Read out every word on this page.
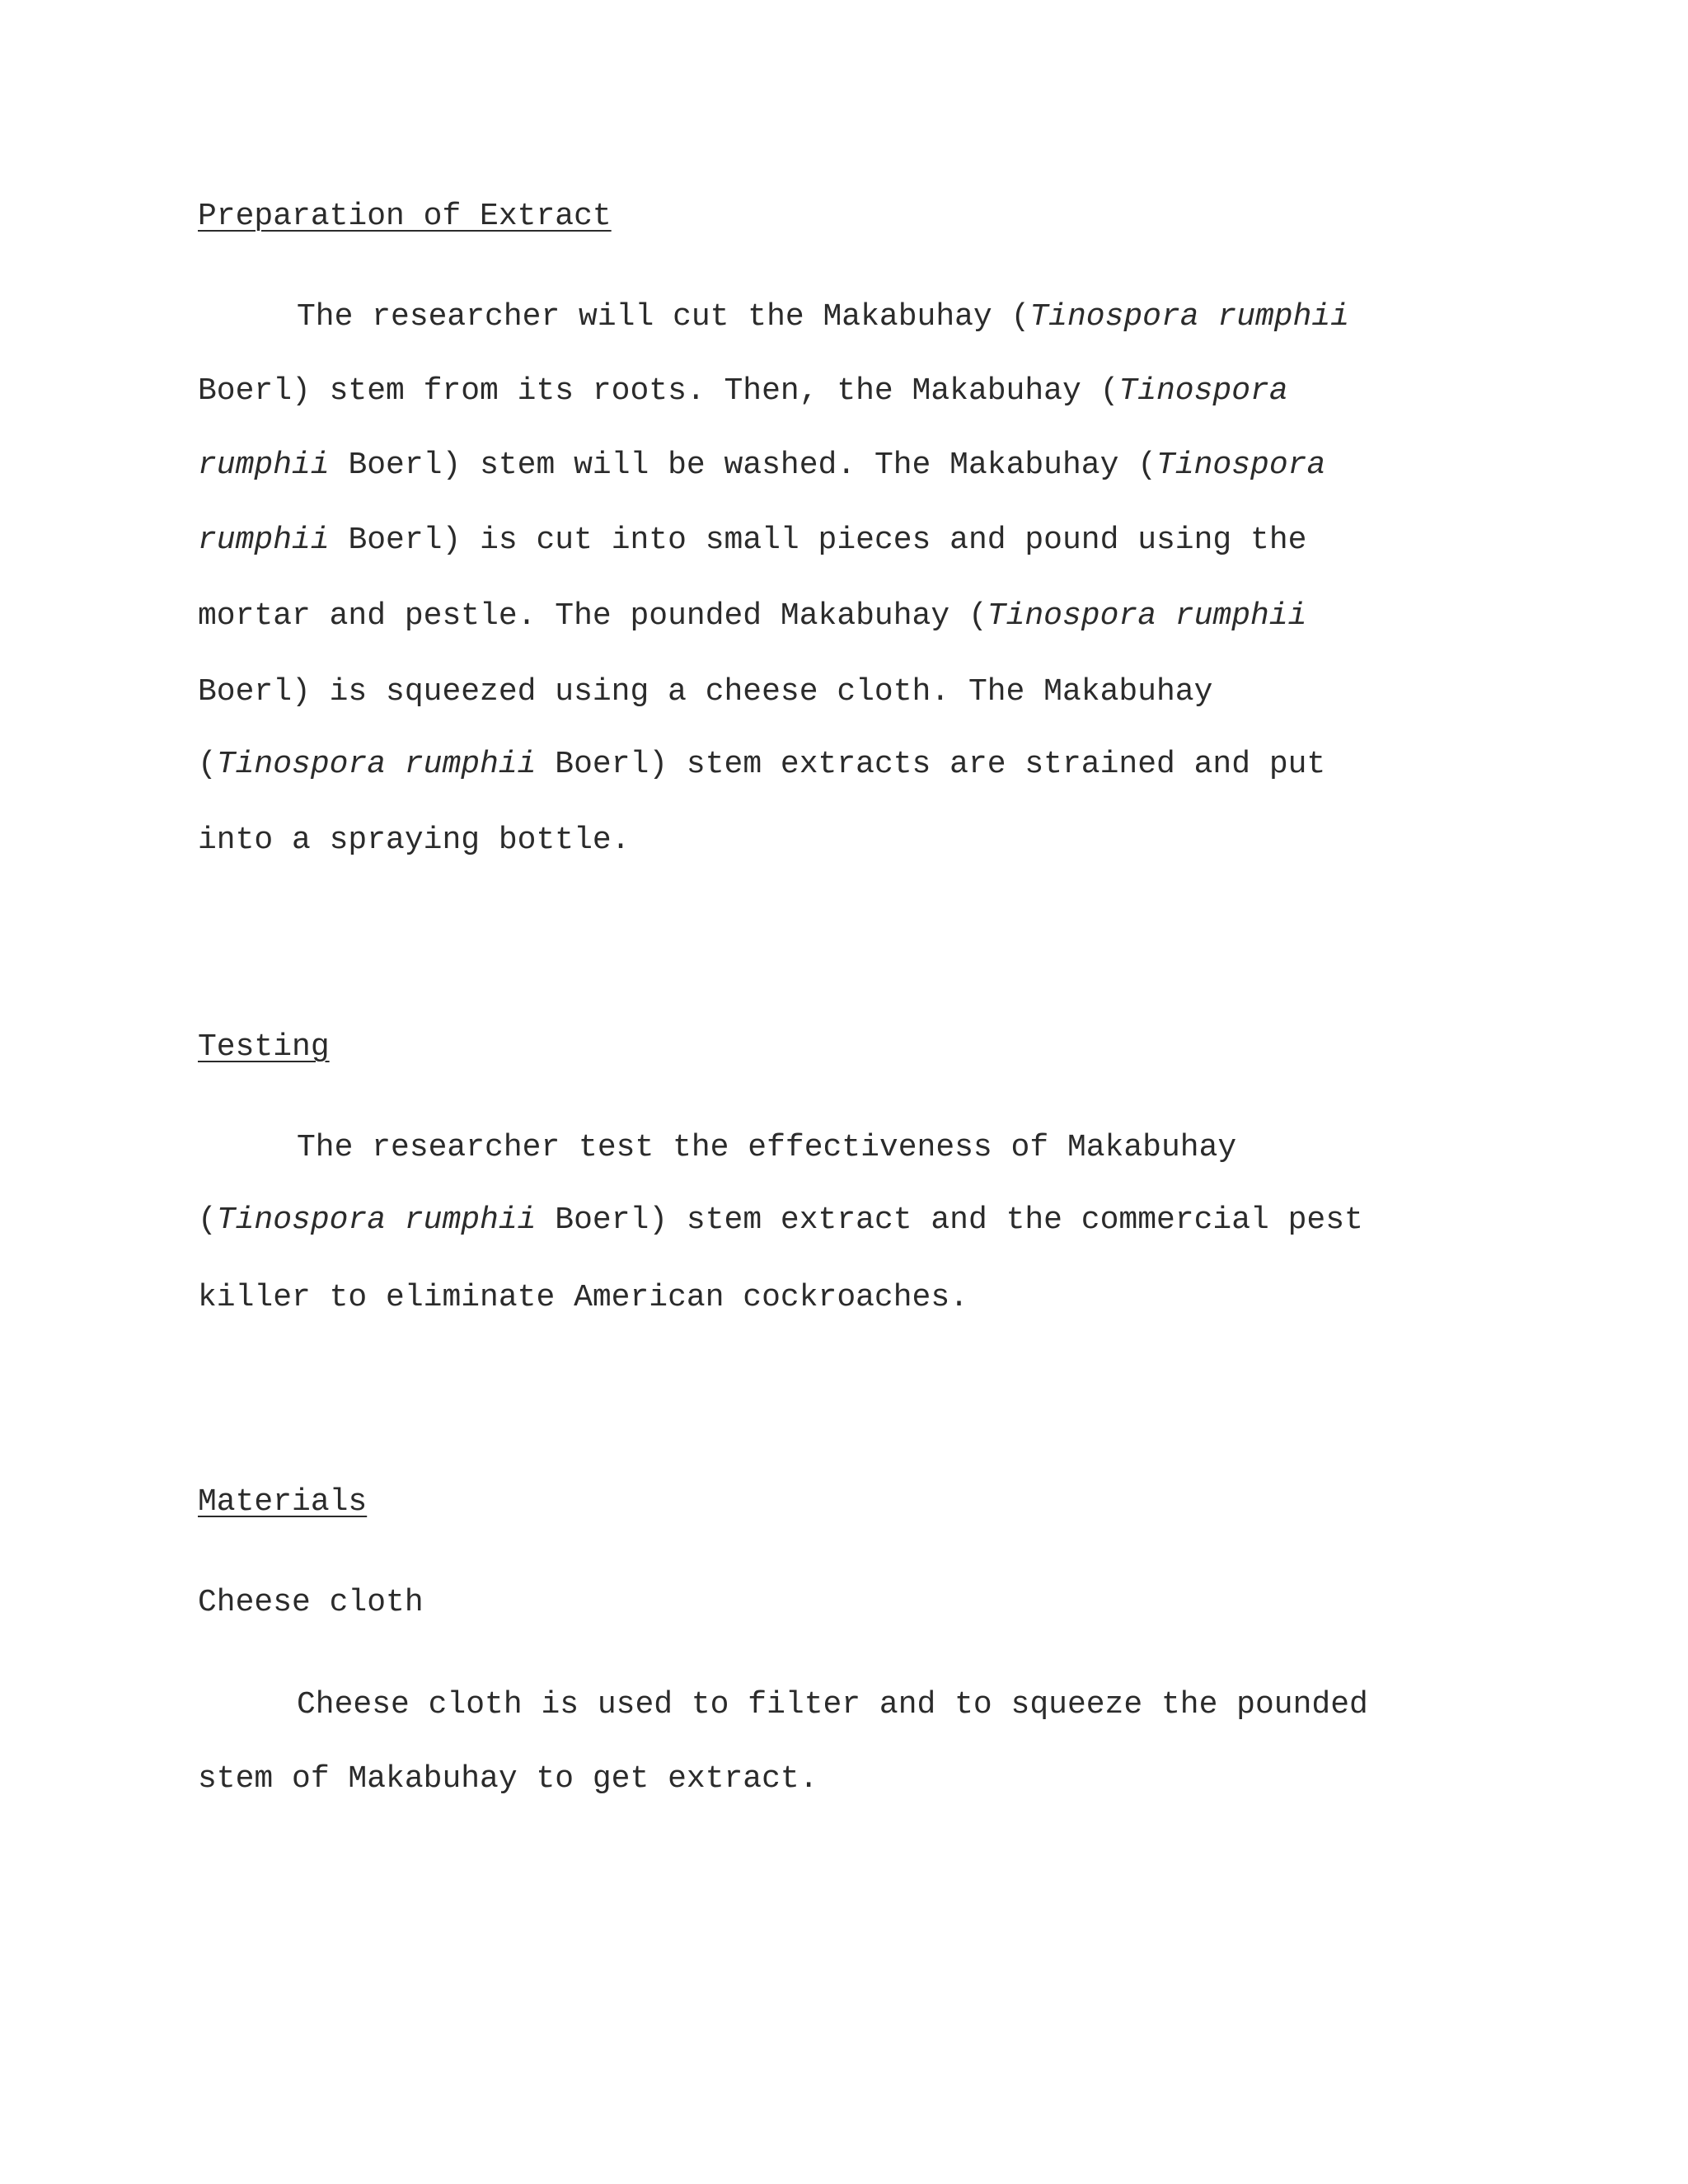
Preparation of Extract

The researcher will cut the Makabuhay (Tinospora rumphii
Boerl) stem from its roots. Then, the Makabuhay (Tinospora
rumphii Boerl) stem will be washed. The Makabuhay (Tinospora
rumphii Boerl) is cut into small pieces and pound using the
mortar and pestle. The pounded Makabuhay (Tinospora rumphii
Boerl) is squeezed using a cheese cloth. The Makabuhay
(Tinospora rumphii Boerl) stem extracts are strained and put
into a spraying bottle.

Testing

The researcher test the effectiveness of Makabuhay
(Tinospora rumphii Boerl) stem extract and the commercial pest
killer to eliminate American cockroaches.

Materials

Cheese cloth
Cheese cloth is used to filter and to squeeze the pounded
stem of Makabuhay to get extract.
